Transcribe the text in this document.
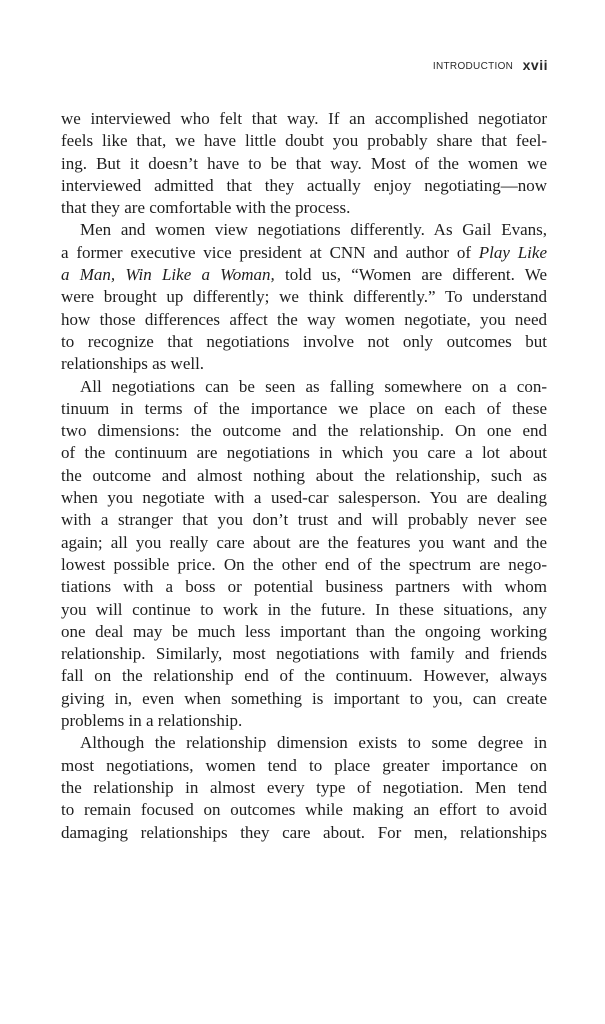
INTRODUCTION xvii

we interviewed who felt that way. If an accomplished negotiator
feels like that, we have little doubt you probably share that feel-
ing. But it doesn’t have to be that way. Most of the women we
interviewed admitted that they actually enjoy negotiating—now
that they are comfortable with the process.

Men and women view negotiations differently. As Gail Evans,
a former executive vice president at CNN and author of Play Like
a Man, Win Like a Woman, told us, “Women are different. We
were brought up differently; we think differently.” To understand
how those differences affect the way women negotiate, you need
to recognize that negotiations involve not only outcomes but
relationships as well.

All negotiations can be seen as falling somewhere on a con-
tinuum in terms of the importance we place on each of these
two dimensions: the outcome and the relationship. On one end
of the continuum are negotiations in which you care a lot about
the outcome and almost nothing about the relationship, such as
when you negotiate with a used-car salesperson. You are dealing
with a stranger that you don’t trust and will probably never see
again; all you really care about are the features you want and the
lowest possible price. On the other end of the spectrum are nego-
tiations with a boss or potential business partners with whom
you will continue to work in the future. In these situations, any
one deal may be much less important than the ongoing working
relationship. Similarly, most negotiations with family and friends
fall on the relationship end of the continuum. However, always
giving in, even when something is important to you, can create
problems in a relationship.

Although the relationship dimension exists to some degree in
most negotiations, women tend to place greater importance on
the relationship in almost every type of negotiation. Men tend
to remain focused on outcomes while making an effort to avoid
damaging relationships they care about. For men, relationships
